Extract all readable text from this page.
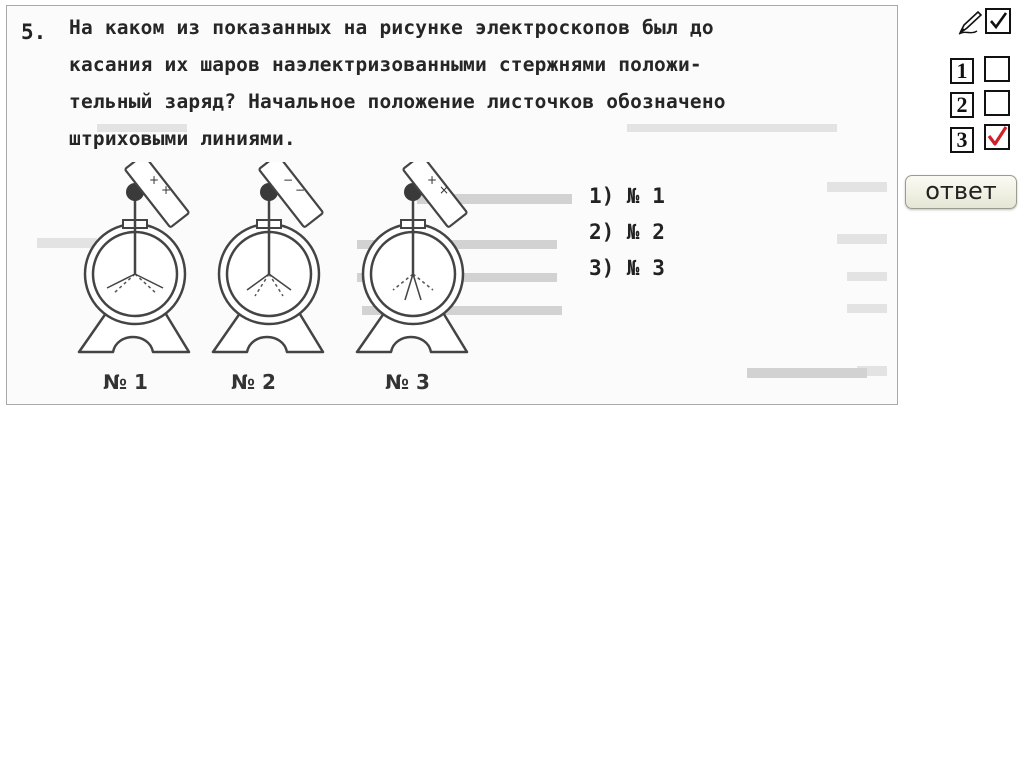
5. На каком из показанных на рисунке электроскопов был до
касания их шаров наэлектризованными стержнями положи-
тельный заряд? Начальное положение листочков обозначено
штриховыми линиями.
+
+
−
−
+
×
№ 1	№ 2	№ 3
1) № 1
2) № 2
3) № 3
1
2
3
ответ
